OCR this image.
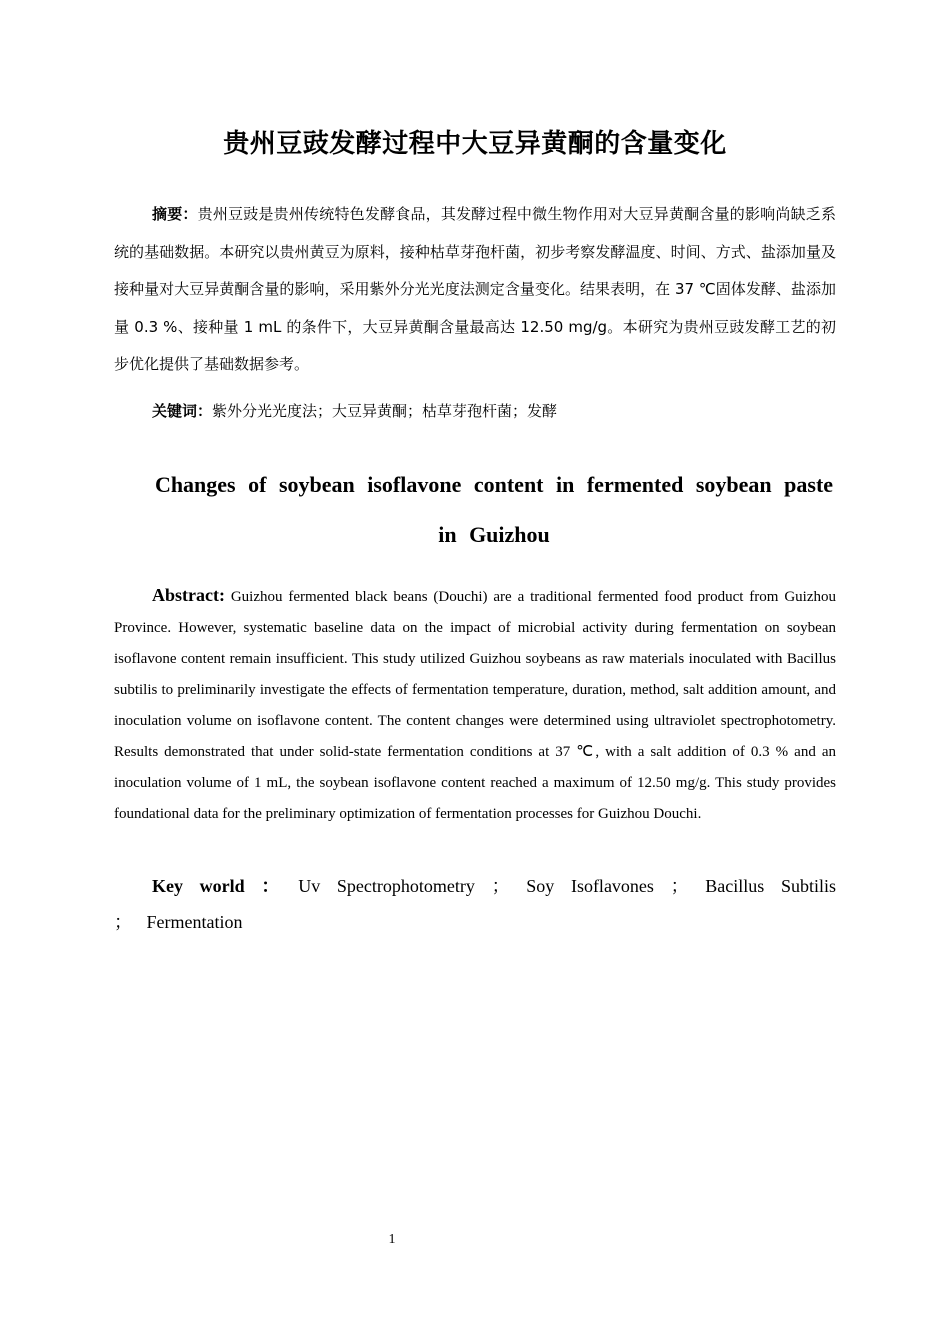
贵州豆豉发酵过程中大豆异黄酮的含量变化

摘要：贵州豆豉是贵州传统特色发酵食品，其发酵过程中微生物作用对大豆异黄酮含量的影响尚缺乏系统的基础数据。本研究以贵州黄豆为原料，接种枯草芽孢杆菌，初步考察发酵温度、时间、方式、盐添加量及接种量对大豆异黄酮含量的影响，采用紫外分光光度法测定含量变化。结果表明，在 37 ℃固体发酵、盐添加量 0.3 %、接种量 1 mL 的条件下，大豆异黄酮含量最高达 12.50 mg/g。本研究为贵州豆豉发酵工艺的初步优化提供了基础数据参考。

关键词：紫外分光光度法；大豆异黄酮；枯草芽孢杆菌；发酵

Changes of soybean isoflavone content in fermented soybean paste in Guizhou

Abstract: Guizhou fermented black beans (Douchi) are a traditional fermented food product from Guizhou Province. However, systematic baseline data on the impact of microbial activity during fermentation on soybean isoflavone content remain insufficient. This study utilized Guizhou soybeans as raw materials inoculated with Bacillus subtilis to preliminarily investigate the effects of fermentation temperature, duration, method, salt addition amount, and inoculation volume on isoflavone content. The content changes were determined using ultraviolet spectrophotometry. Results demonstrated that under solid-state fermentation conditions at 37 ℃, with a salt addition of 0.3 % and an inoculation volume of 1 mL, the soybean isoflavone content reached a maximum of 12.50 mg/g. This study provides foundational data for the preliminary optimization of fermentation processes for Guizhou Douchi.

Key world ： Uv Spectrophotometry ； Soy Isoflavones ； Bacillus Subtilis ； Fermentation

1
